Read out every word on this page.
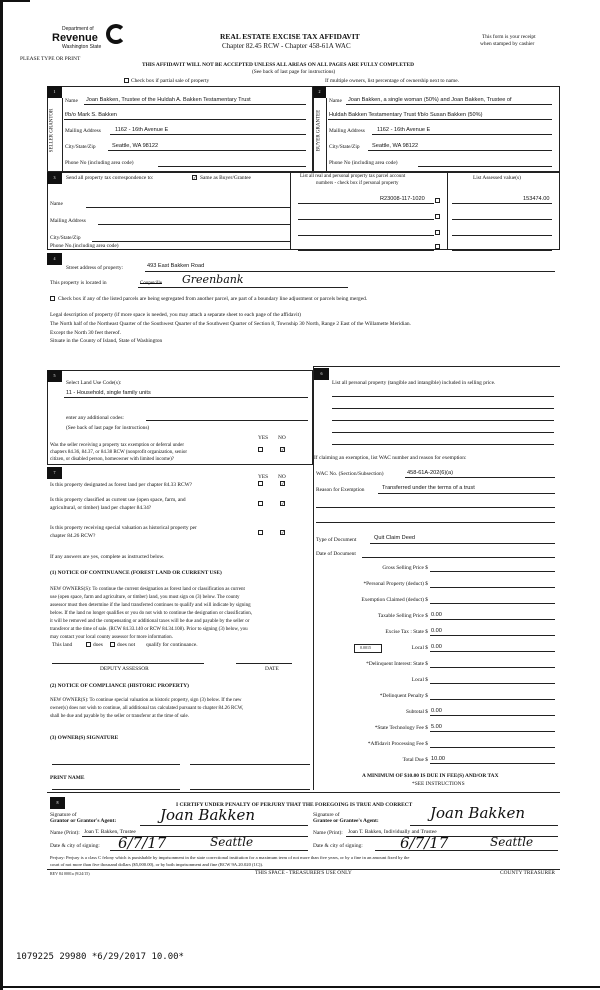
Department of
Revenue
Washington State
REAL ESTATE EXCISE TAX AFFIDAVIT
Chapter 82.45 RCW - Chapter 458-61A WAC
This form is your receipt
when stamped by cashier
PLEASE TYPE OR PRINT
THIS AFFIDAVIT WILL NOT BE ACCEPTED UNLESS ALL AREAS ON ALL PAGES ARE FULLY COMPLETED
(See back of last page for instructions)
Check box if partial sale of property	If multiple owners, list percentage of ownership next to name.
1
SELLER GRANTOR
Name Joan Bakken, Trustee of the Huldah A. Bakken Testamentary Trust
f/b/o Mark S. Bakken
Mailing Address	1162 - 16th Avenue E
City/State/Zip	Seattle, WA 98122
Phone No (including area code)
2
BUYER GRANTEE
Name Joan Bakken, a single woman (50%) and Joan Bakken, Trustee of
Huldah Bakken Testamentary Trust f/b/o Susan Bakken (50%)
Mailing Address 1162 - 16th Avenue E
City/State/Zip Seattle, WA 98122
Phone No (including area code)
3	Send all property tax correspondence to:	✓ Same as Buyer/Grantee
Name
Mailing Address
City/State/Zip
Phone No.(including area code)
List all real and personal property tax parcel account
numbers - check box if personal property
List Assessed value(s)
R23008-117-1020	153474.00
4
Street address of property:	493 East Bakken Road
This property is located in	Coupeville Greenbank
Check box if any of the listed parcels are being segregated from another parcel, are part of a boundary line adjustment or parcels being merged.
Legal description of property (if more space is needed, you may attach a separate sheet to each page of the affidavit)
The North half of the Northeast Quarter of the Southwest Quarter of the Southwest Quarter of Section 8, Township 30 North, Range 2 East of the Willamette Meridian.
Except the North 30 feet thereof.
Situate in the County of Island, State of Washington
5
Select Land Use Code(s):
11 - Household, single family units
enter any additional codes:
(See back of last page for instructions)
YES NO
Was the seller receiving a property tax exemption or deferral under
chapters 84.36, 84.37, or 84.38 RCW (nonprofit organization, senior
citizen, or disabled person, homeowner with limited income)?
✓
7
YES NO
Is this property designated as forest land per chapter 84.33 RCW?	✓
Is this property classified as current use (open space, farm, and
agricultural, or timber) land per chapter 84.34?
✓
Is this property receiving special valuation as historical property per
chapter 84.26 RCW?
✓
If any answers are yes, complete as instructed below.
(1) NOTICE OF CONTINUANCE (FOREST LAND OR CURRENT USE)
NEW OWNERS(S): To continue the current designation as forest land or classification as current
use (open space, farm and agriculture, or timber) land, you must sign on (3) below. The county
assessor must then determine if the land transferred continues to qualify and will indicate by signing
below. If the land no longer qualifies or you do not wish to continue the designation or classification,
it will be removed and the compensating or additional taxes will be due and payable by the seller or
transferor at the time of sale. (RCW 84.33.140 or RCW 84.34.108). Prior to signing (3) below, you
may contact your local county assessor for more information.
This land	does	does not qualify for continuance.
DEPUTY ASSESSOR	DATE
(2) NOTICE OF COMPLIANCE (HISTORIC PROPERTY)
NEW OWNER(S): To continue special valuation as historic property, sign (3) below. If the new
owner(s) does not wish to continue, all additional tax calculated pursuant to chapter 84.26 RCW,
shall be due and payable by the seller or transferor at the time of sale.
(3) OWNER(S) SIGNATURE
PRINT NAME
6
List all personal property (tangible and intangible) included in selling price.
If claiming an exemption, list WAC number and reason for exemption:
WAC No. (Section/Subsection)	458-61A-202(6)(a)
Reason for Exemption	Transferred under the terms of a trust
Type of Document	Quit Claim Deed
Date of Document
Gross Selling Price $
*Personal Property (deduct) $
Exemption Claimed (deduct) $
Taxable Selling Price $ 0.00
Excise Tax : State $ 0.00
Local $ 0.00
*Delinquent Interest: State $
Local $
*Delinquent Penalty $
Subtotal $ 0.00
*State Technology Fee $ 5.00
*Affidavit Processing Fee $
Total Due $ 10.00
0.0015
A MINIMUM OF $10.00 IS DUE IN FEE(S) AND/OR TAX
*SEE INSTRUCTIONS
8	I CERTIFY UNDER PENALTY OF PERJURY THAT THE FOREGOING IS TRUE AND CORRECT
Signature of
Grantor or Grantor's Agent:	Joan Bakken
Name (Print): Joan T. Bakken, Trustee
Date & city of signing: 6/7/17	Seattle
Signature of
Grantee or Grantee's Agent:	Joan Bakken
Name (Print): Joan T. Bakken, Individually and Trustee
Date & city of signing: 6/7/17	Seattle
Perjury: Perjury is a class C felony which is punishable by imprisonment in the state correctional institution for a maximum term of not more than five years, or by a fine in an amount fixed by the
court of not more than five thousand dollars ($5,000.00), or by both imprisonment and fine (RCW 9A.20.020 (1C)).
REV 84 0001a (9/24/15)	THIS SPACE - TREASURER'S USE ONLY	COUNTY TREASURER
1079225 29980 *6/29/2017 10.00*
